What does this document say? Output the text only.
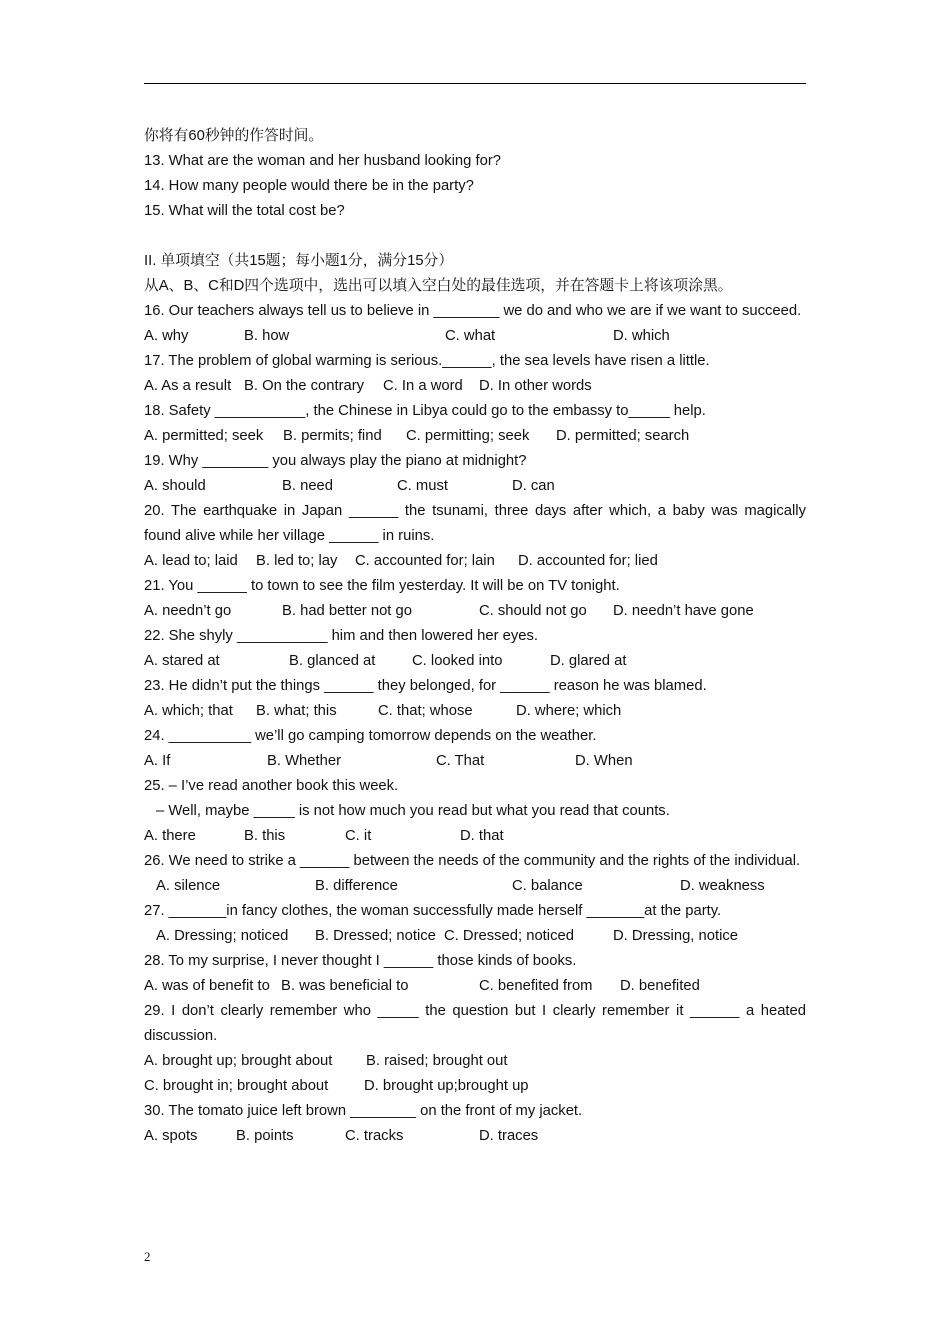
你将有60秒钟的作答时间。
13. What are the woman and her husband looking for?
14. How many people would there be in the party?
15. What will the total cost be?
II. 单项填空（共15题；每小题1分，满分15分）
从A、B、C和D四个选项中，选出可以填入空白处的最佳选项，并在答题卡上将该项涂黑。
16. Our teachers always tell us to believe in ________ we do and who we are if we want to succeed.
A. why	B. how	C. what	D. which
17. The problem of global warming is serious.______, the sea levels have risen a little.
A. As a result B. On the contrary C. In a word D. In other words
18. Safety ___________, the Chinese in Libya could go to the embassy to_____ help.
A. permitted; seek B. permits; find C. permitting; seek D. permitted; search
19. Why ________ you always play the piano at midnight?
A. should	B. need	C. must	D. can
20. The earthquake in Japan ______ the tsunami, three days after which, a baby was magically found alive while her village ______ in ruins.
A. lead to; laid B. led to; lay C. accounted for; lain D. accounted for; lied
21. You ______ to town to see the film yesterday. It will be on TV tonight.
A. needn’t go	B. had better not go	C. should not go D. needn’t have gone
22. She shyly ___________ him and then lowered her eyes.
A. stared at	B. glanced at C. looked into	D. glared at
23. He didn’t put the things ______ they belonged, for ______ reason he was blamed.
A. which; that B. what; this	C. that; whose	D. where; which
24. __________ we’ll go camping tomorrow depends on the weather.
A. If	B. Whether	C. That	D. When
25. – I’ve read another book this week.
– Well, maybe _____ is not how much you read but what you read that counts.
A. there	B. this	C. it	D. that
26. We need to strike a ______ between the needs of the community and the rights of the individual.
A. silence	B. difference	C. balance	D. weakness
27. _______in fancy clothes, the woman successfully made herself _______at the party.
A. Dressing; noticed B. Dressed; notice C. Dressed; noticed	D. Dressing, notice
28. To my surprise, I never thought I ______ those kinds of books.
A. was of benefit to B. was beneficial to	C. benefited from D. benefited
29. I don’t clearly remember who _____ the question but I clearly remember it ______ a heated discussion.
A. brought up; brought about B. raised; brought out
C. brought in; brought about D. brought up;brought up
30. The tomato juice left brown ________ on the front of my jacket.
A. spots	B. points	C. tracks	D. traces
2
